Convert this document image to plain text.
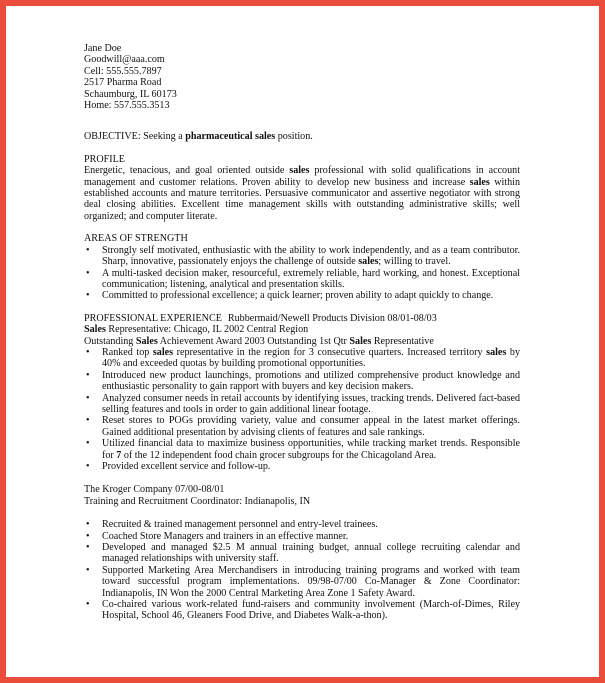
Jane Doe
Goodwill@aaa.com
Cell: 555.555.7897
2517 Pharma Road
Schaumburg, IL 60173
Home: 557.555.3513
OBJECTIVE: Seeking a pharmaceutical sales position.
PROFILE
Energetic, tenacious, and goal oriented outside sales professional with solid qualifications in account management and customer relations. Proven ability to develop new business and increase sales within established accounts and mature territories. Persuasive communicator and assertive negotiator with strong deal closing abilities. Excellent time management skills with outstanding administrative skills; well organized; and computer literate.
AREAS OF STRENGTH
• Strongly self motivated, enthusiastic with the ability to work independently, and as a team contributor. Sharp, innovative, passionately enjoys the challenge of outside sales; willing to travel.
• A multi-tasked decision maker, resourceful, extremely reliable, hard working, and honest. Exceptional communication; listening, analytical and presentation skills.
• Committed to professional excellence; a quick learner; proven ability to adapt quickly to change.
PROFESSIONAL EXPERIENCE Rubbermaid/Newell Products Division 08/01-08/03
Sales Representative: Chicago, IL 2002 Central Region
Outstanding Sales Achievement Award 2003 Outstanding 1st Qtr Sales Representative
• Ranked top sales representative in the region for 3 consecutive quarters. Increased territory sales by 40% and exceeded quotas by building promotional opportunities.
• Introduced new product launchings, promotions and utilized comprehensive product knowledge and enthusiastic personality to gain rapport with buyers and key decision makers.
• Analyzed consumer needs in retail accounts by identifying issues, tracking trends. Delivered fact-based selling features and tools in order to gain additional linear footage.
• Reset stores to POGs providing variety, value and consumer appeal in the latest market offerings. Gained additional presentation by advising clients of features and sale rankings.
• Utilized financial data to maximize business opportunities, while tracking market trends. Responsible for 7 of the 12 independent food chain grocer subgroups for the Chicagoland Area.
• Provided excellent service and follow-up.
The Kroger Company 07/00-08/01
Training and Recruitment Coordinator: Indianapolis, IN
• Recruited & trained management personnel and entry-level trainees.
• Coached Store Managers and trainers in an effective manner.
• Developed and managed $2.5 M annual training budget, annual college recruiting calendar and managed relationships with university staff.
• Supported Marketing Area Merchandisers in introducing training programs and worked with team toward successful program implementations. 09/98-07/00 Co-Manager & Zone Coordinator: Indianapolis, IN Won the 2000 Central Marketing Area Zone 1 Safety Award.
• Co-chaired various work-related fund-raisers and community involvement (March-of-Dimes, Riley Hospital, School 46, Gleaners Food Drive, and Diabetes Walk-a-thon).
